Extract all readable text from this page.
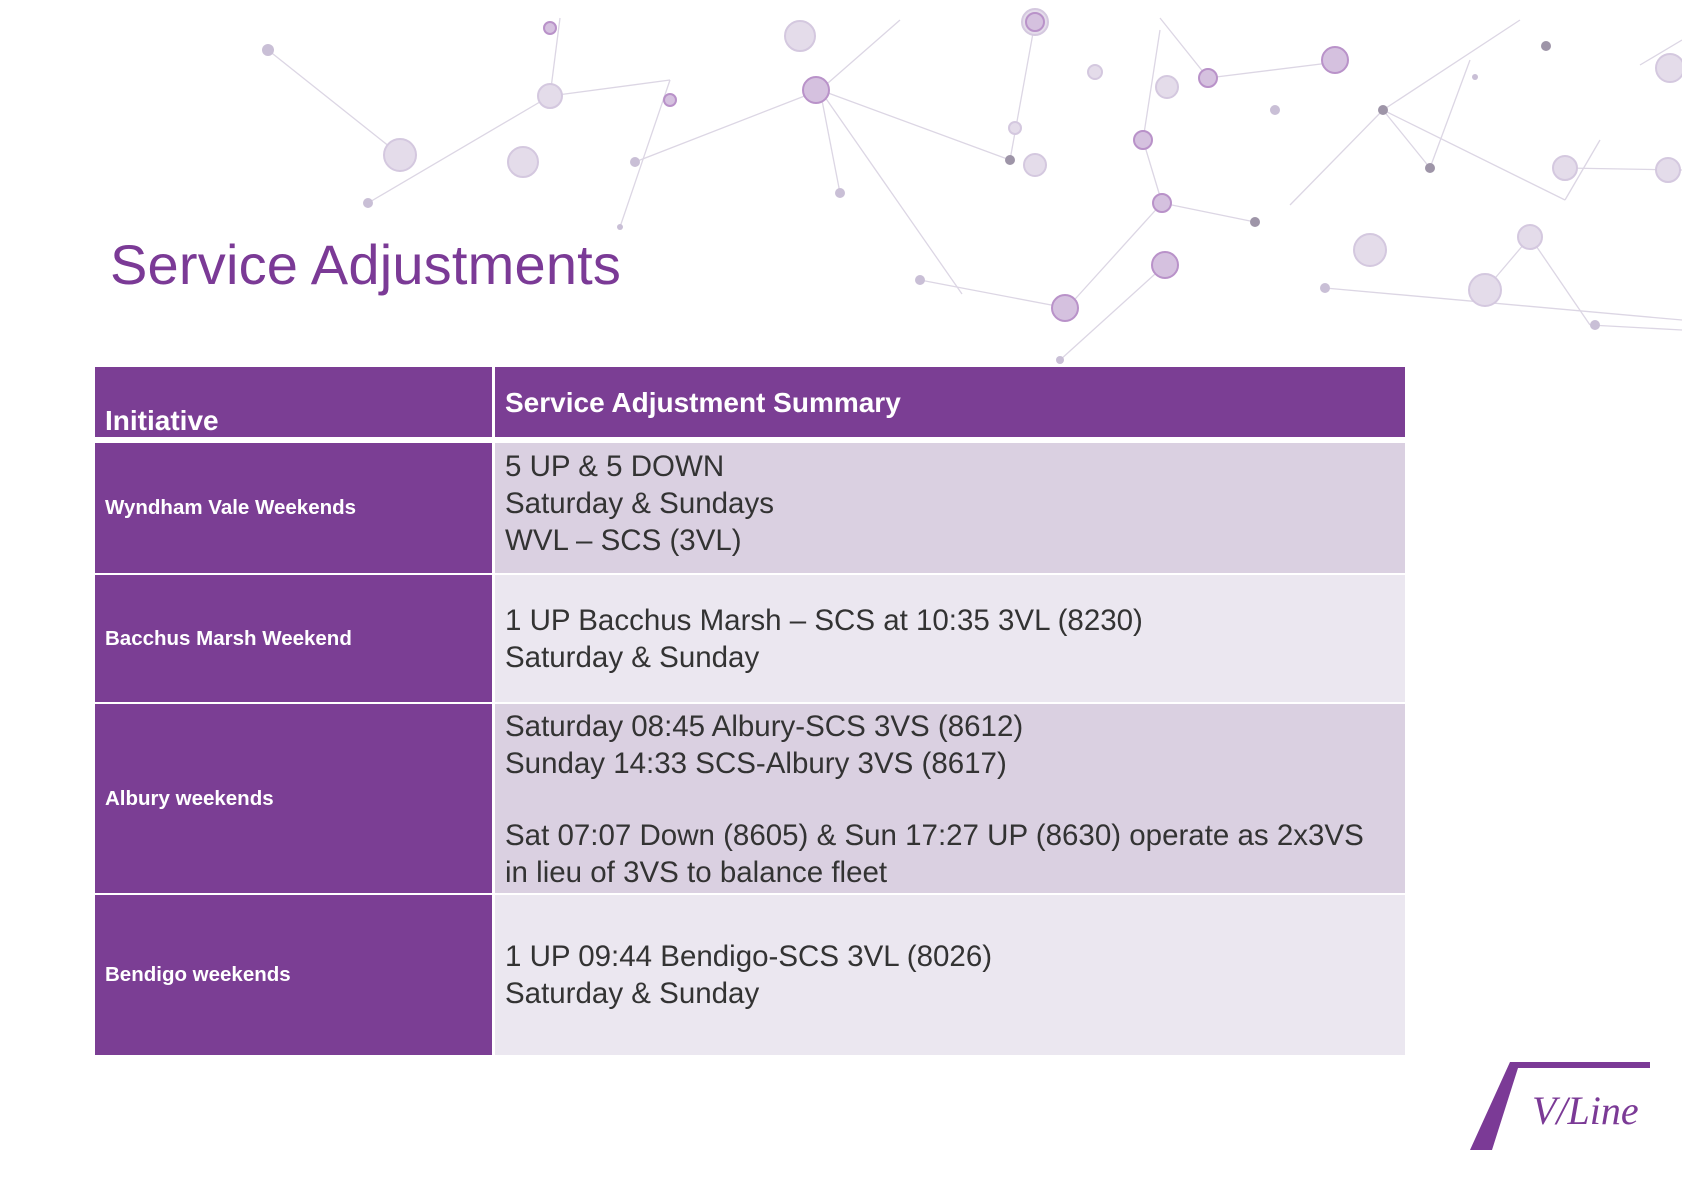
Service Adjustments
Initiative
Service Adjustment Summary
Wyndham Vale Weekends
5 UP & 5 DOWN
Saturday & Sundays
WVL – SCS (3VL)
Bacchus Marsh Weekend
1 UP Bacchus Marsh – SCS at 10:35 3VL (8230)
Saturday & Sunday
Albury weekends
Saturday 08:45 Albury-SCS 3VS (8612)
Sunday 14:33 SCS-Albury 3VS (8617)
Sat 07:07 Down (8605) & Sun 17:27 UP (8630) operate as 2x3VS
in lieu of 3VS to balance fleet
Bendigo weekends
1 UP 09:44 Bendigo-SCS 3VL (8026)
Saturday & Sunday
V/Line
